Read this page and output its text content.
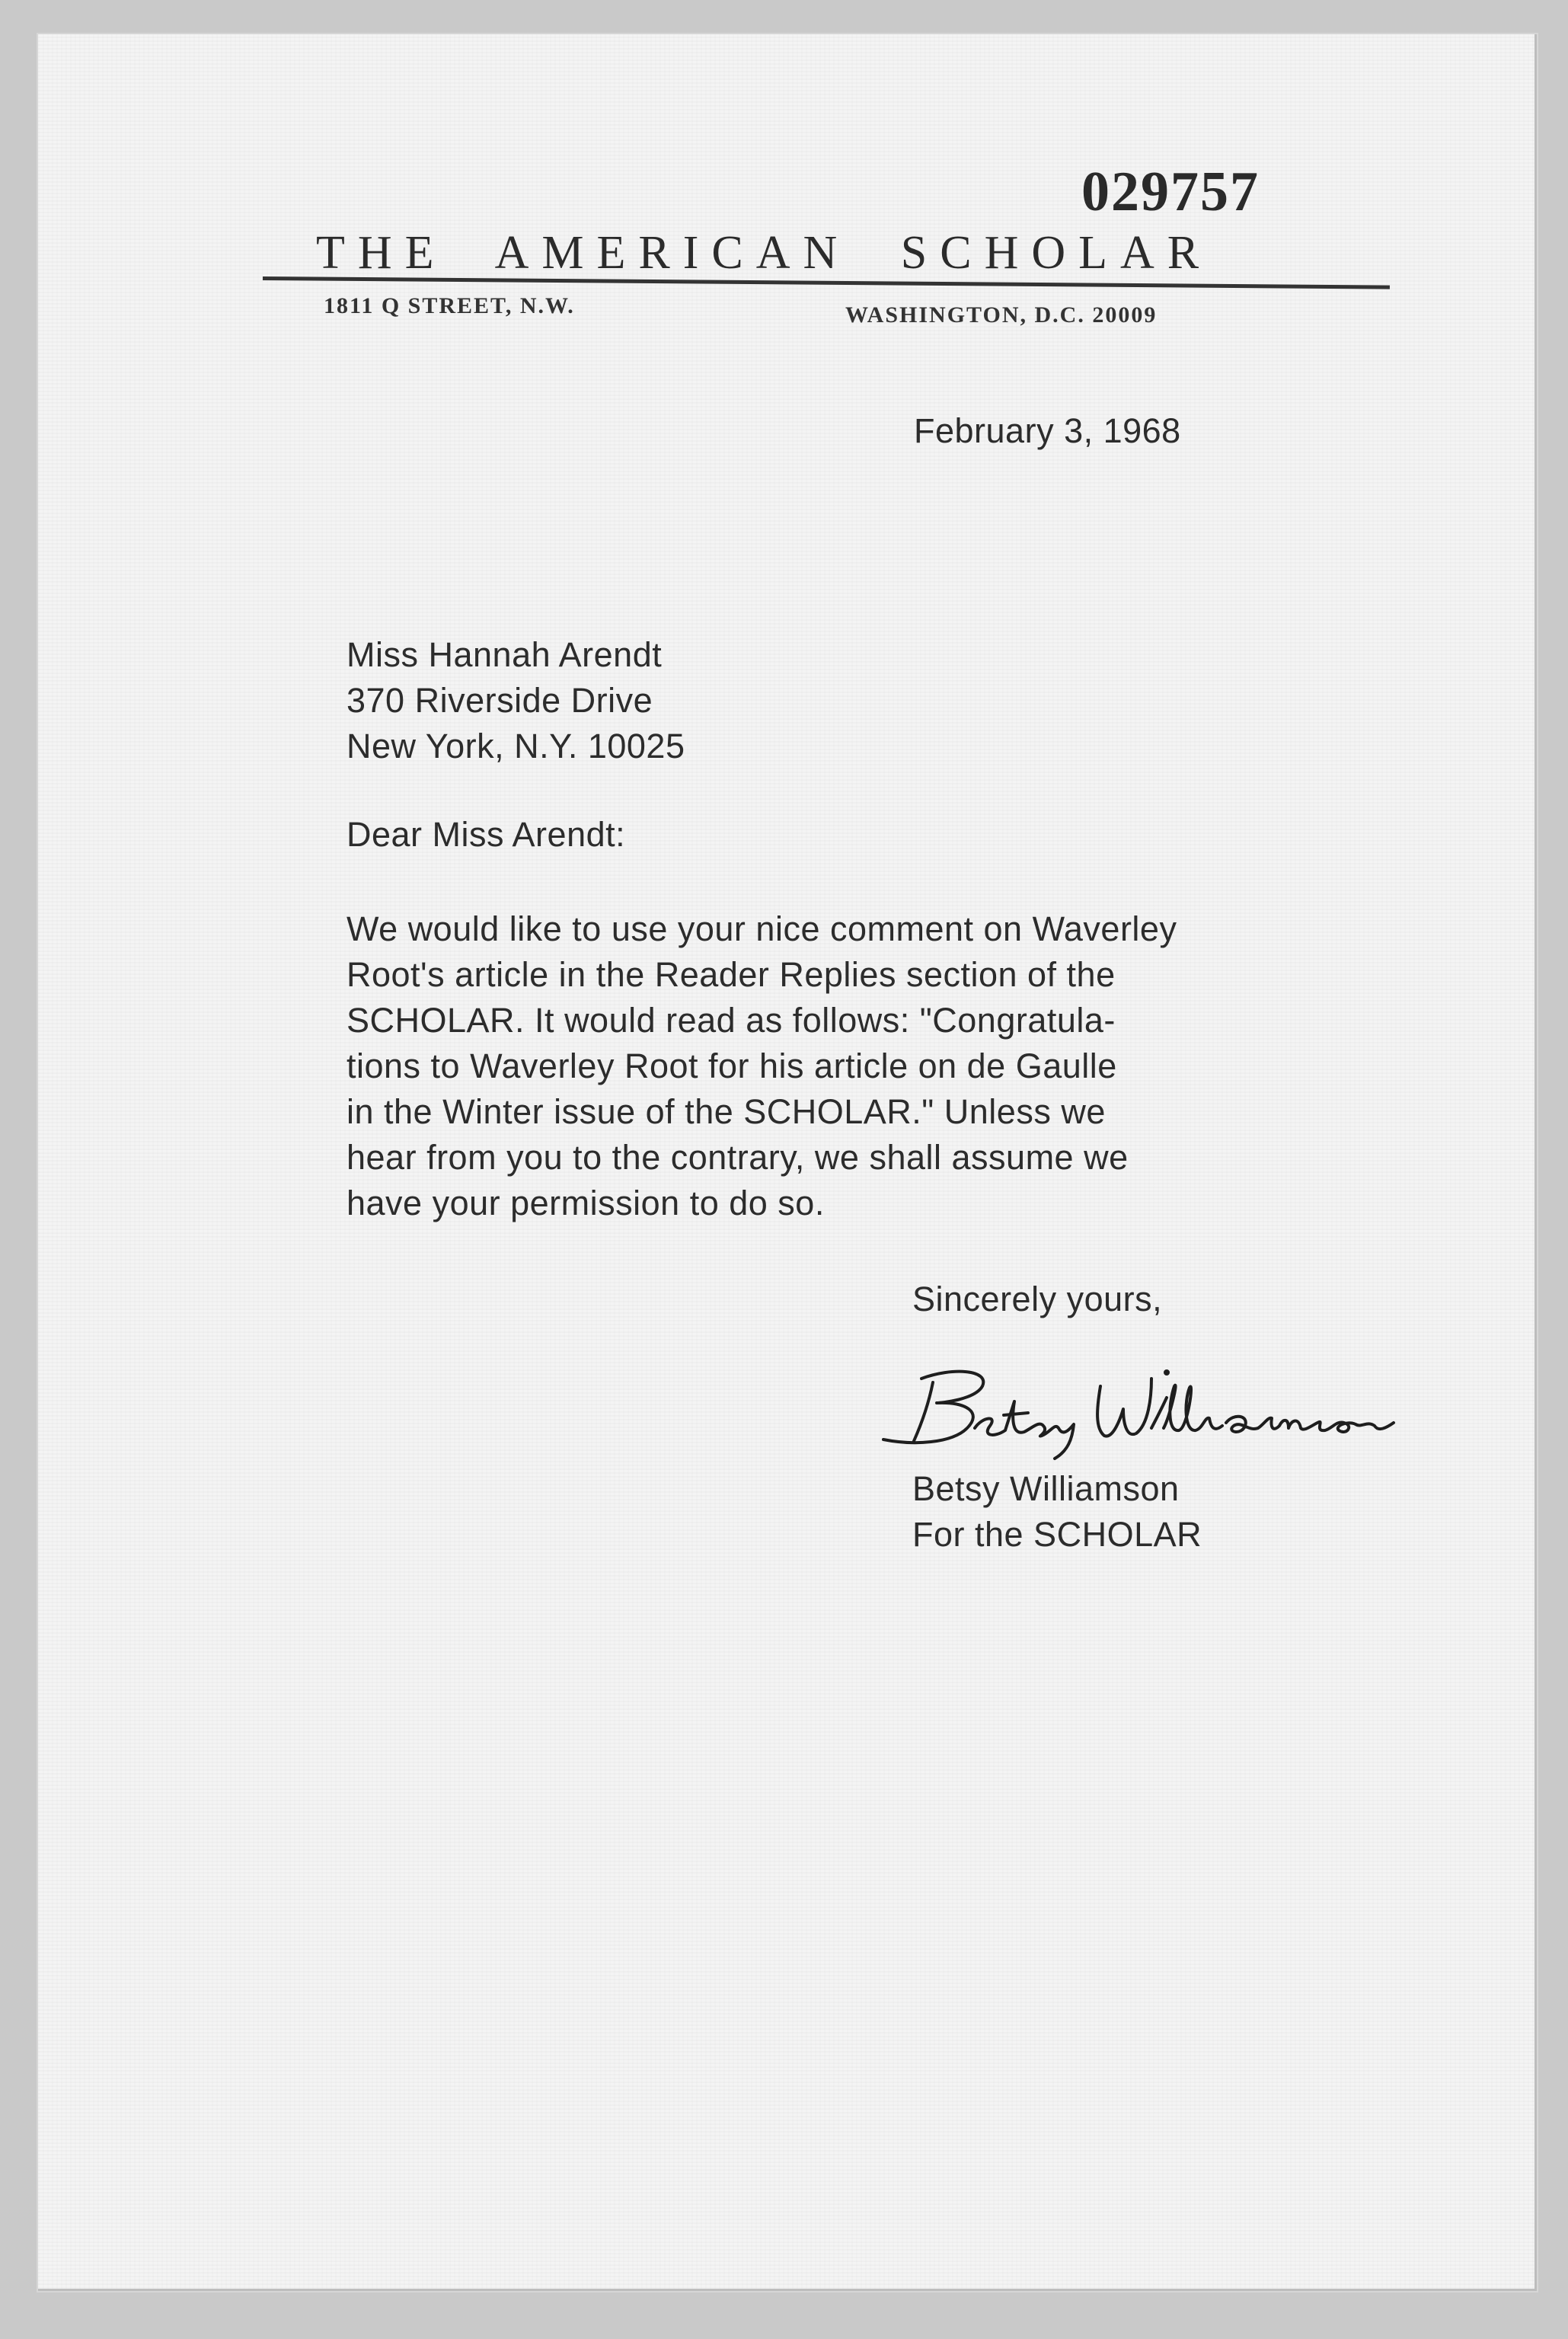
029757
THE AMERICAN SCHOLAR
1811 Q STREET, N.W.	WASHINGTON, D.C. 20009
February 3, 1968
Miss Hannah Arendt
370 Riverside Drive
New York, N.Y. 10025
Dear Miss Arendt:
We would like to use your nice comment on Waverley
Root's article in the Reader Replies section of the
SCHOLAR. It would read as follows: "Congratula-
tions to Waverley Root for his article on de Gaulle
in the Winter issue of the SCHOLAR." Unless we
hear from you to the contrary, we shall assume we
have your permission to do so.
Sincerely yours,
Betsy Williamson
For the SCHOLAR
